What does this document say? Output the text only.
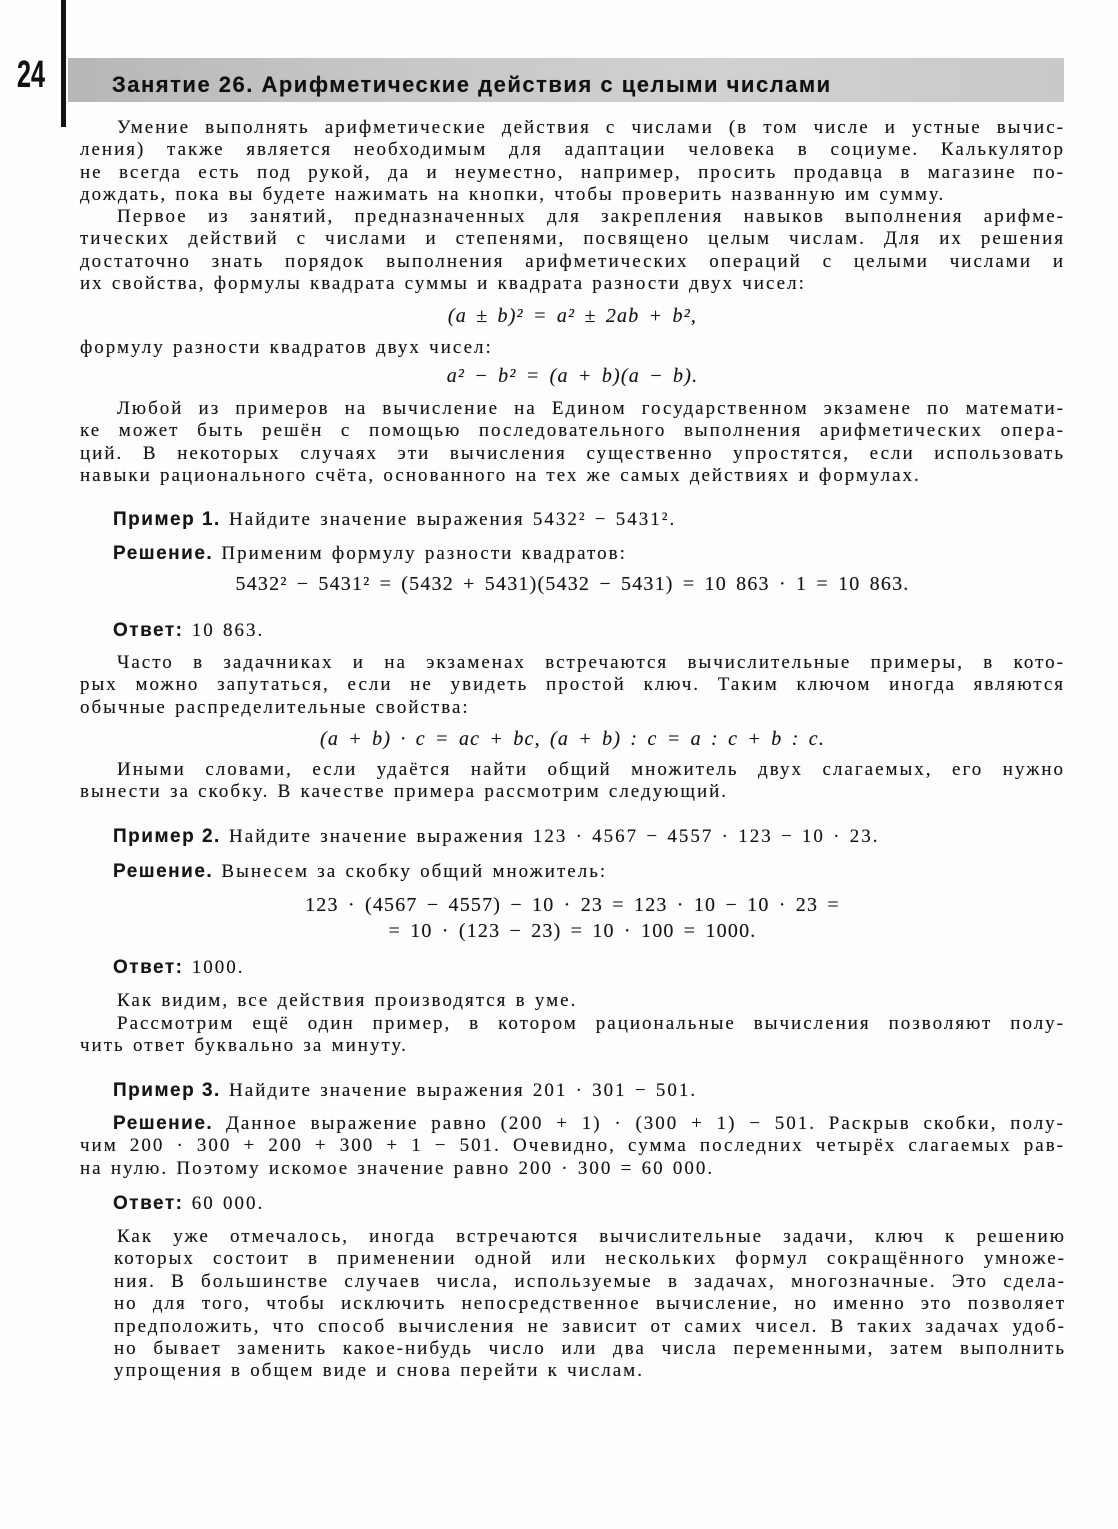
24	Занятие 26. Арифметические действия с целыми числами
Умение выполнять арифметические действия с числами (в том числе и устные вычис-
ления) также является необходимым для адаптации человека в социуме. Калькулятор
не всегда есть под рукой, да и неуместно, например, просить продавца в магазине по-
дождать, пока вы будете нажимать на кнопки, чтобы проверить названную им сумму.
Первое из занятий, предназначенных для закрепления навыков выполнения арифме-
тических действий с числами и степенями, посвящено целым числам. Для их решения
достаточно знать порядок выполнения арифметических операций с целыми числами и
их свойства, формулы квадрата суммы и квадрата разности двух чисел:
(a ± b)² = a² ± 2ab + b²,
формулу разности квадратов двух чисел:
a² − b² = (a + b)(a − b).
Любой из примеров на вычисление на Едином государственном экзамене по математи-
ке может быть решён с помощью последовательного выполнения арифметических опера-
ций. В некоторых случаях эти вычисления существенно упростятся, если использовать
навыки рационального счёта, основанного на тех же самых действиях и формулах.
Пример 1. Найдите значение выражения 5432² − 5431².
Решение. Применим формулу разности квадратов:
5432² − 5431² = (5432 + 5431)(5432 − 5431) = 10 863 · 1 = 10 863.
Ответ: 10 863.
Часто в задачниках и на экзаменах встречаются вычислительные примеры, в кото-
рых можно запутаться, если не увидеть простой ключ. Таким ключом иногда являются
обычные распределительные свойства:
(a + b) · c = ac + bc, (a + b) : c = a : c + b : c.
Иными словами, если удаётся найти общий множитель двух слагаемых, его нужно
вынести за скобку. В качестве примера рассмотрим следующий.
Пример 2. Найдите значение выражения 123 · 4567 − 4557 · 123 − 10 · 23.
Решение. Вынесем за скобку общий множитель:
123 · (4567 − 4557) − 10 · 23 = 123 · 10 − 10 · 23 =
= 10 · (123 − 23) = 10 · 100 = 1000.
Ответ: 1000.
Как видим, все действия производятся в уме.
Рассмотрим ещё один пример, в котором рациональные вычисления позволяют полу-
чить ответ буквально за минуту.
Пример 3. Найдите значение выражения 201 · 301 − 501.
Решение. Данное выражение равно (200 + 1) · (300 + 1) − 501. Раскрыв скобки, полу-
чим 200 · 300 + 200 + 300 + 1 − 501. Очевидно, сумма последних четырёх слагаемых рав-
на нулю. Поэтому искомое значение равно 200 · 300 = 60 000.
Ответ: 60 000.
Как уже отмечалось, иногда встречаются вычислительные задачи, ключ к решению
которых состоит в применении одной или нескольких формул сокращённого умноже-
ния. В большинстве случаев числа, используемые в задачах, многозначные. Это сдела-
но для того, чтобы исключить непосредственное вычисление, но именно это позволяет
предположить, что способ вычисления не зависит от самих чисел. В таких задачах удоб-
но бывает заменить какое-нибудь число или два числа переменными, затем выполнить
упрощения в общем виде и снова перейти к числам.
